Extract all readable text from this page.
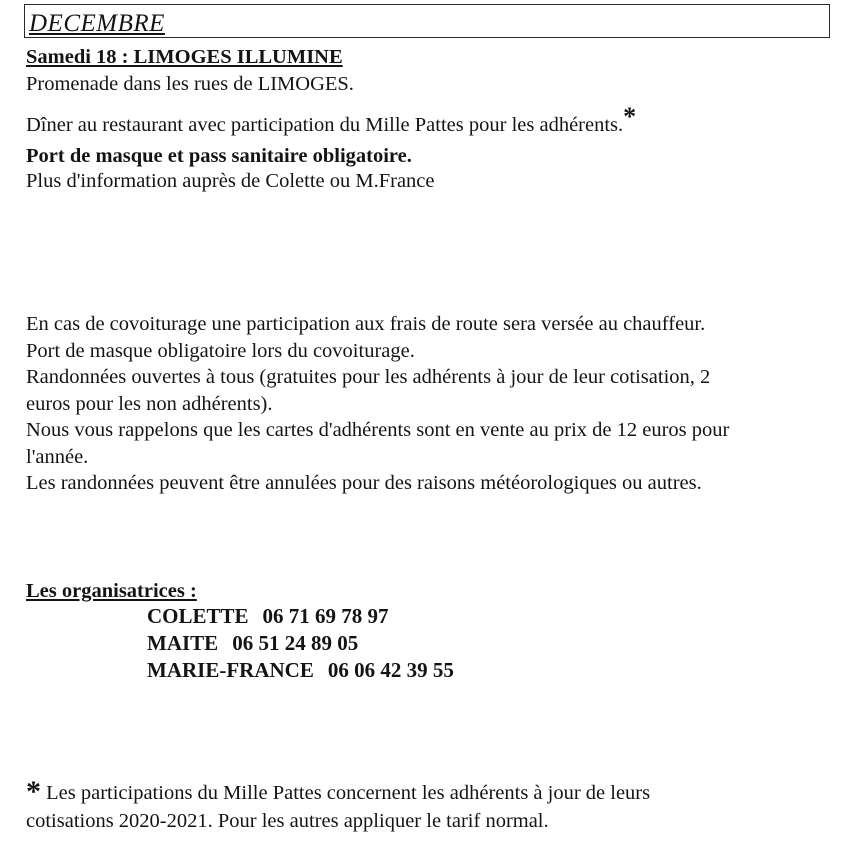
DECEMBRE
Samedi 18 : LIMOGES ILLUMINE
Promenade dans les rues de LIMOGES.
Dîner au restaurant avec participation du Mille Pattes pour les adhérents.*
Port de masque et pass sanitaire obligatoire.
Plus d'information auprès de Colette ou M.France
En cas de covoiturage une participation aux frais de route sera versée au chauffeur.
Port de masque obligatoire lors du covoiturage.
Randonnées ouvertes à tous (gratuites pour les adhérents à jour de leur cotisation, 2
euros pour les non adhérents).
Nous vous rappelons que les cartes d'adhérents sont en vente au prix de 12 euros pour
l'année.
Les randonnées peuvent être annulées pour des raisons météorologiques ou autres.
Les organisatrices :
COLETTE 06 71 69 78 97
MAITE 06 51 24 89 05
MARIE-FRANCE 06 06 42 39 55
* Les participations du Mille Pattes concernent les adhérents à jour de leurs
cotisations 2020-2021. Pour les autres appliquer le tarif normal.
